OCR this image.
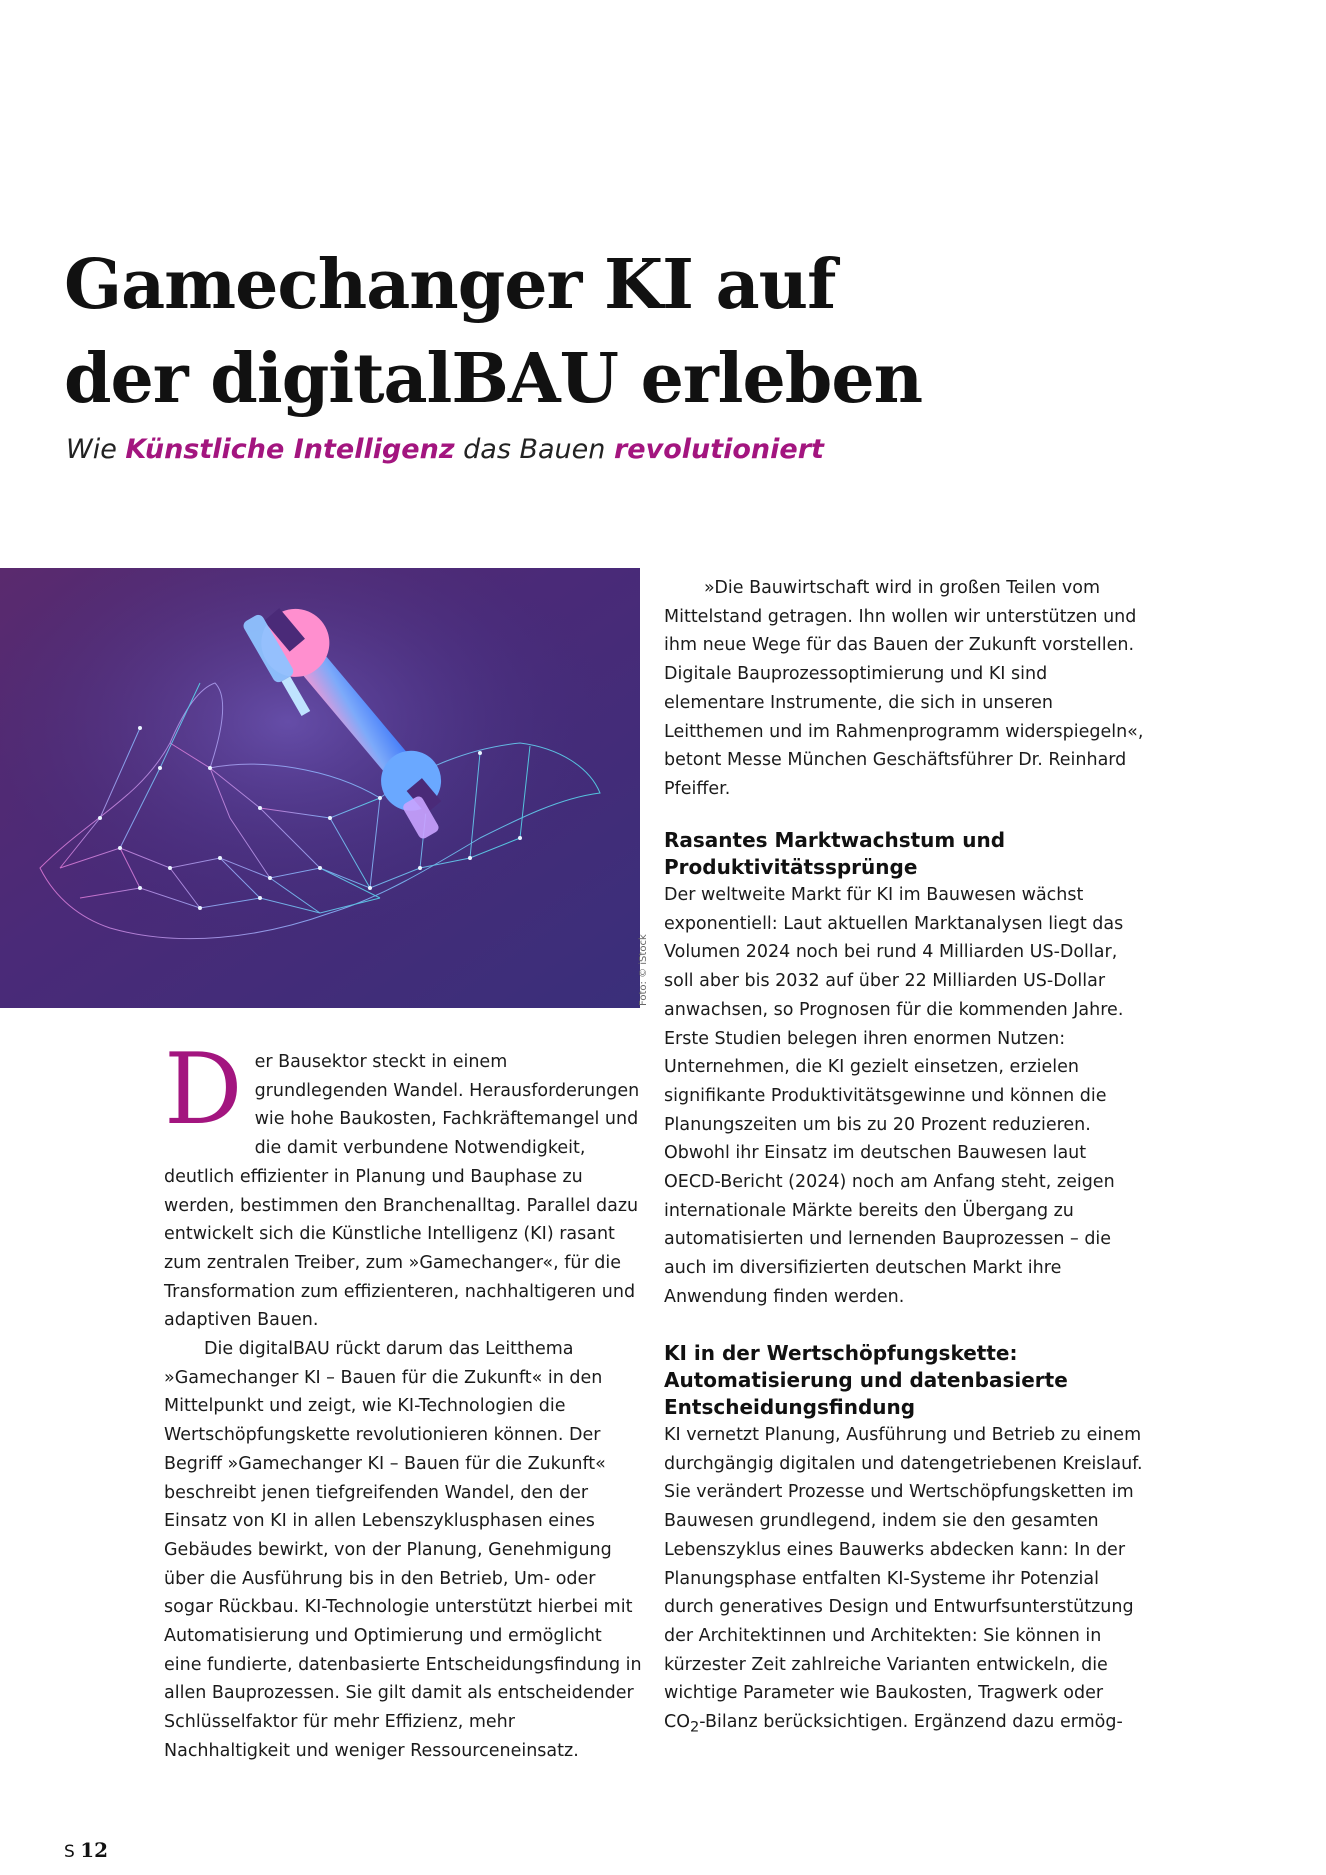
Gamechanger KI auf
der digitalBAU erleben

Wie Künstliche Intelligenz das Bauen revolutioniert

Foto: © iStock

»Die Bauwirtschaft wird in großen Teilen vom Mittelstand getragen. Ihn wollen wir unterstützen und ihm neue Wege für das Bauen der Zukunft vorstellen. Digitale Bauprozessoptimierung und KI sind elementare Instrumente, die sich in unseren Leitthemen und im Rahmenprogramm widerspiegeln«, betont Messe München Geschäftsführer Dr. Reinhard Pfeiffer.

Rasantes Marktwachstum und Produktivitätssprünge

Der weltweite Markt für KI im Bauwesen wächst exponentiell: Laut aktuellen Marktanalysen liegt das Volumen 2024 noch bei rund 4 Milliarden US-Dollar, soll aber bis 2032 auf über 22 Milliarden US-Dollar anwachsen, so Prognosen für die kommenden Jahre. Erste Studien belegen ihren enormen Nutzen: Unternehmen, die KI gezielt einsetzen, erzielen signifikante Produktivitätsgewinne und können die Planungszeiten um bis zu 20 Prozent reduzieren. Obwohl ihr Einsatz im deutschen Bauwesen laut OECD-Bericht (2024) noch am Anfang steht, zeigen internationale Märkte bereits den Übergang zu automatisierten und lernenden Bauprozessen – die auch im diversifizierten deutschen Markt ihre Anwendung finden werden.

KI in der Wertschöpfungskette: Automatisierung und datenbasierte Entscheidungsfindung

KI vernetzt Planung, Ausführung und Betrieb zu einem durchgängig digitalen und datengetriebenen Kreislauf. Sie verändert Prozesse und Wertschöpfungsketten im Bauwesen grundlegend, indem sie den gesamten Lebenszyklus eines Bauwerks abdecken kann: In der Planungsphase entfalten KI-Systeme ihr Potenzial durch generatives Design und Entwurfsunterstützung der Architektinnen und Architekten: Sie können in kürzester Zeit zahlreiche Varianten entwickeln, die wichtige Parameter wie Baukosten, Tragwerk oder $CO_2$-Bilanz berücksichtigen. Ergänzend dazu ermög-

Der Bausektor steckt in einem grundlegenden Wandel. Herausforderungen wie hohe Baukosten, Fachkräftemangel und die damit verbundene Notwendigkeit, deutlich effizienter in Planung und Bauphase zu werden, bestimmen den Branchenalltag. Parallel dazu entwickelt sich die Künstliche Intelligenz (KI) rasant zum zentralen Treiber, zum »Gamechanger«, für die Transformation zum effizienteren, nachhaltigeren und adaptiven Bauen.

Die digitalBAU rückt darum das Leitthema »Gamechanger KI – Bauen für die Zukunft« in den Mittelpunkt und zeigt, wie KI-Technologien die Wertschöpfungskette revolutionieren können. Der Begriff »Gamechanger KI – Bauen für die Zukunft« beschreibt jenen tiefgreifenden Wandel, den der Einsatz von KI in allen Lebenszyklusphasen eines Gebäudes bewirkt, von der Planung, Genehmigung über die Ausführung bis in den Betrieb, Um- oder sogar Rückbau. KI-Technologie unterstützt hierbei mit Automatisierung und Optimierung und ermöglicht eine fundierte, datenbasierte Entscheidungsfindung in allen Bauprozessen. Sie gilt damit als entscheidender Schlüsselfaktor für mehr Effizienz, mehr Nachhaltigkeit und weniger Ressourceneinsatz.

S 12
